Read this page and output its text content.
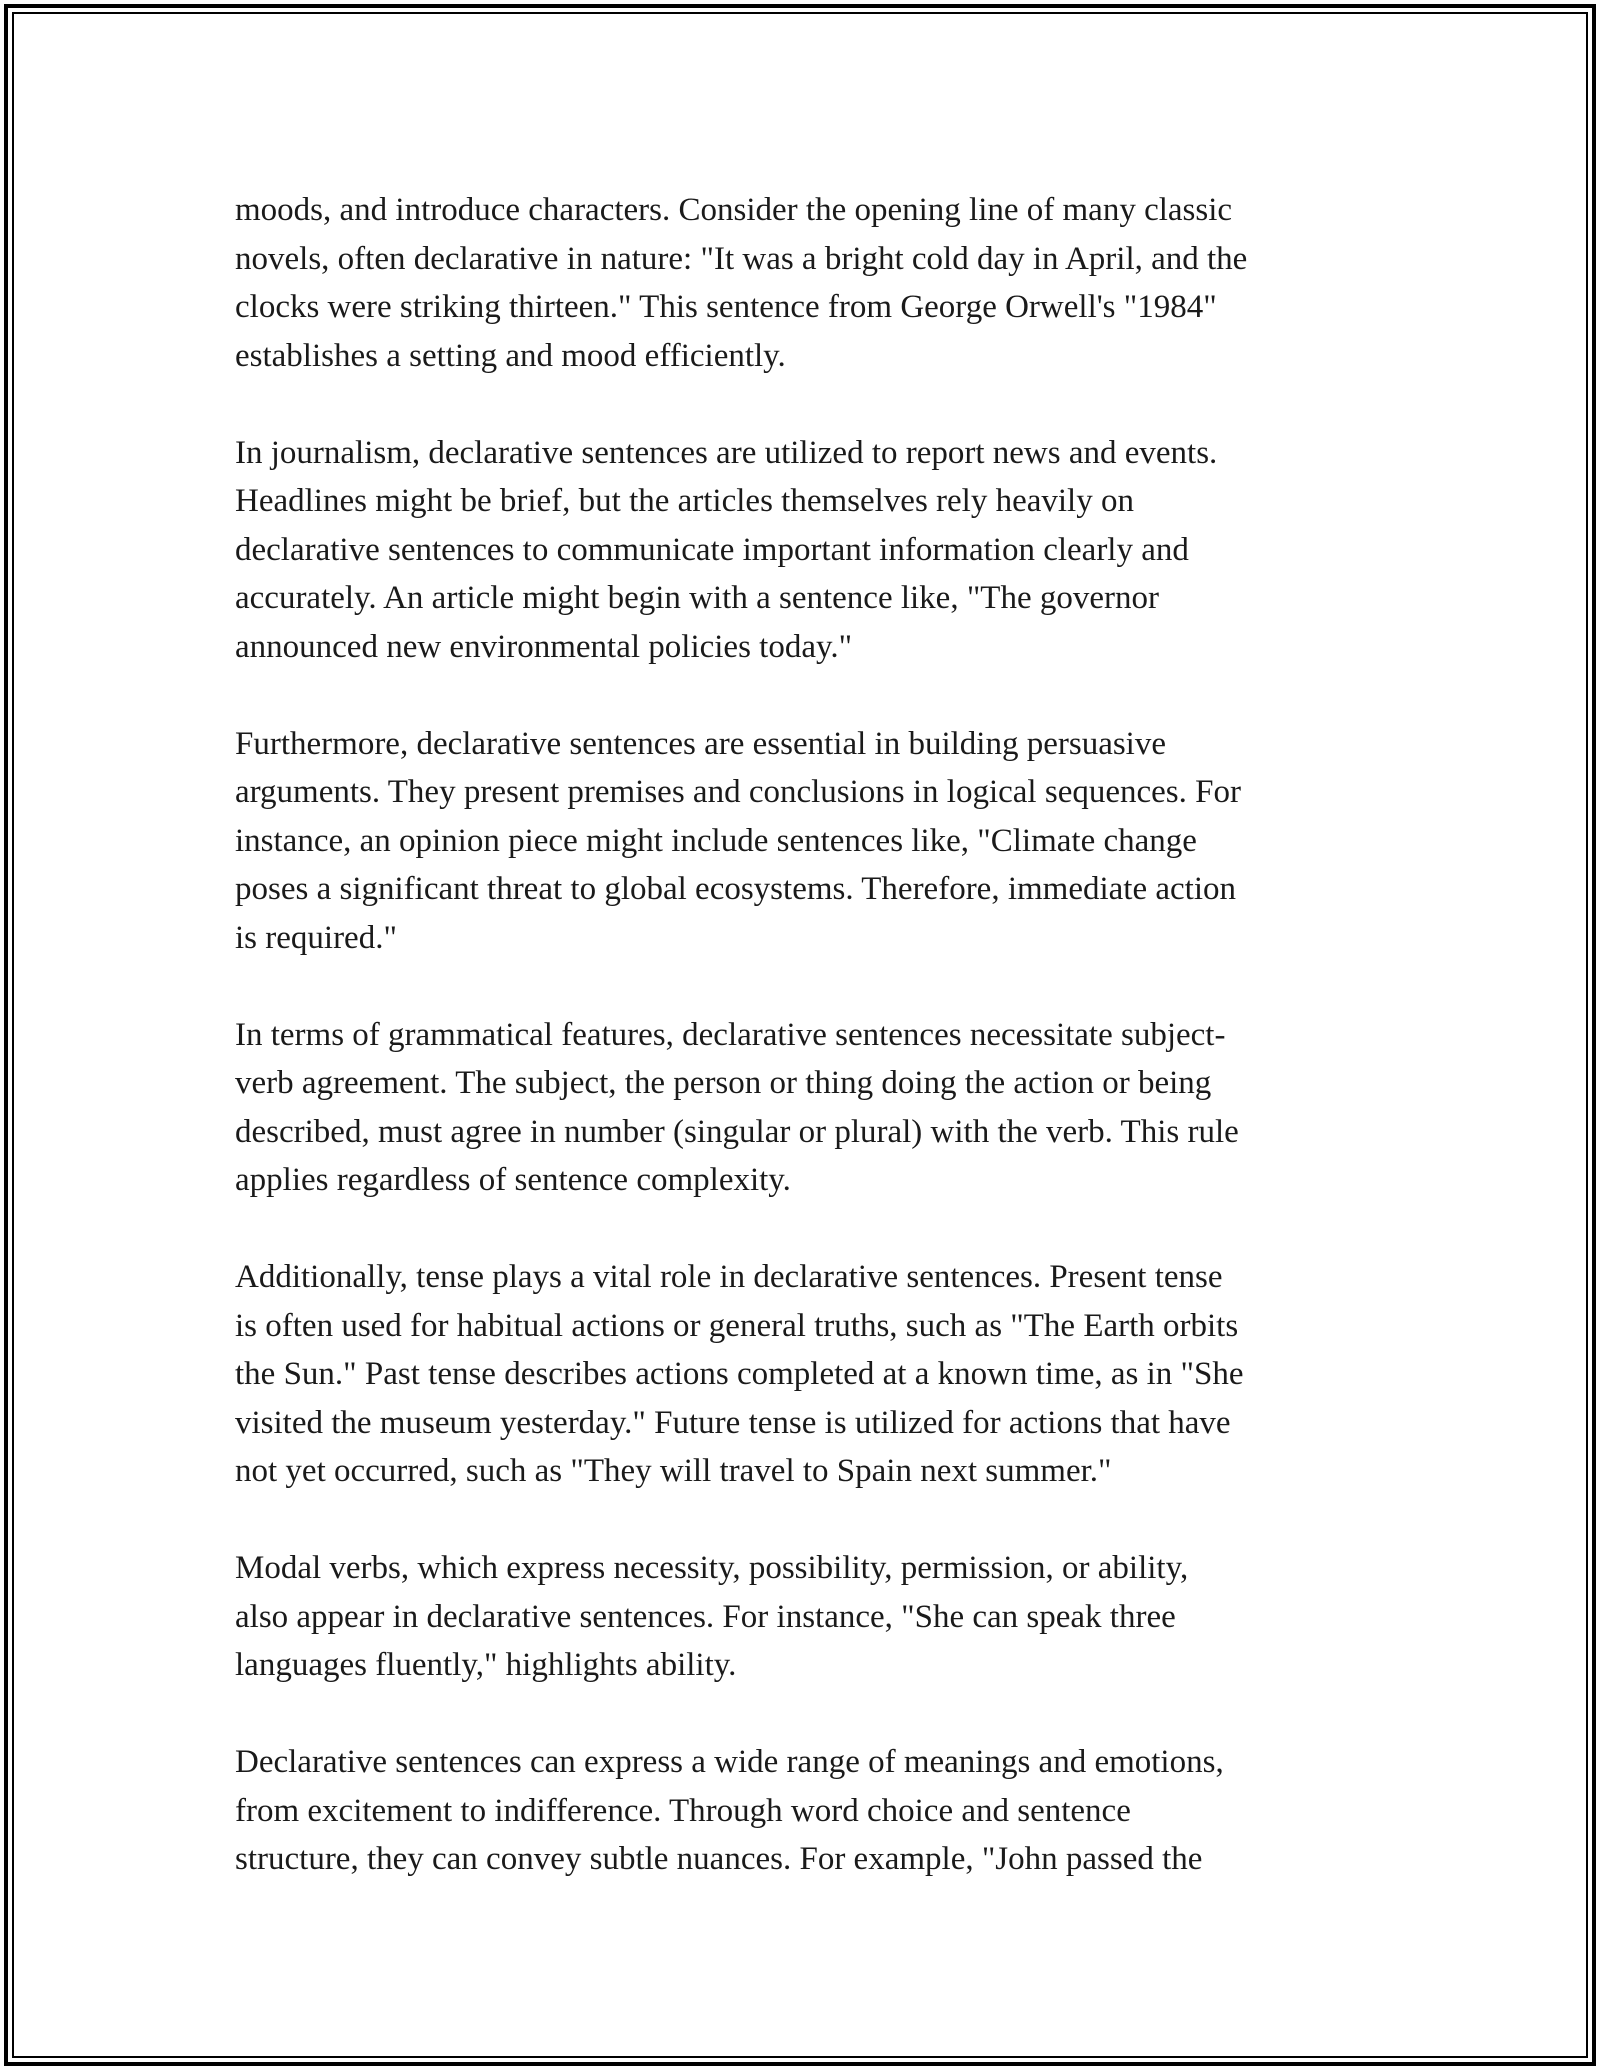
moods, and introduce characters. Consider the opening line of many classic
novels, often declarative in nature: "It was a bright cold day in April, and the
clocks were striking thirteen." This sentence from George Orwell's "1984"
establishes a setting and mood efficiently.
In journalism, declarative sentences are utilized to report news and events.
Headlines might be brief, but the articles themselves rely heavily on
declarative sentences to communicate important information clearly and
accurately. An article might begin with a sentence like, "The governor
announced new environmental policies today."
Furthermore, declarative sentences are essential in building persuasive
arguments. They present premises and conclusions in logical sequences. For
instance, an opinion piece might include sentences like, "Climate change
poses a significant threat to global ecosystems. Therefore, immediate action
is required."
In terms of grammatical features, declarative sentences necessitate subject-
verb agreement. The subject, the person or thing doing the action or being
described, must agree in number (singular or plural) with the verb. This rule
applies regardless of sentence complexity.
Additionally, tense plays a vital role in declarative sentences. Present tense
is often used for habitual actions or general truths, such as "The Earth orbits
the Sun." Past tense describes actions completed at a known time, as in "She
visited the museum yesterday." Future tense is utilized for actions that have
not yet occurred, such as "They will travel to Spain next summer."
Modal verbs, which express necessity, possibility, permission, or ability,
also appear in declarative sentences. For instance, "She can speak three
languages fluently," highlights ability.
Declarative sentences can express a wide range of meanings and emotions,
from excitement to indifference. Through word choice and sentence
structure, they can convey subtle nuances. For example, "John passed the
